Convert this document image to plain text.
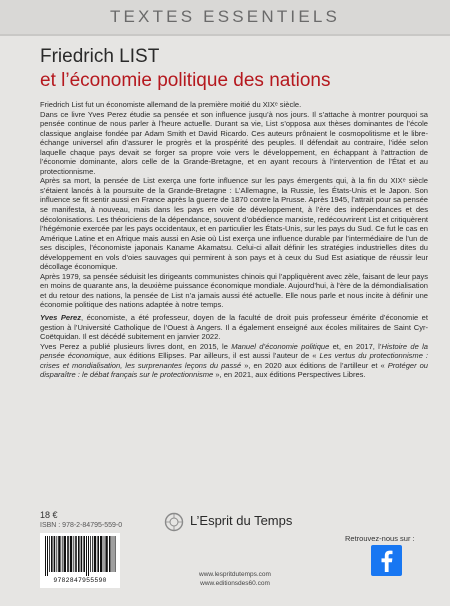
TEXTES ESSENTIELS
Friedrich LIST
et l’économie politique des nations

Friedrich List fut un économiste allemand de la première moitié du XIXᵉ siècle.

Dans ce livre Yves Perez étudie sa pensée et son influence jusqu’à nos jours. Il s’attache à montrer pourquoi sa pensée continue de nous parler à l’heure actuelle. Durant sa vie, List s’opposa aux thèses dominantes de l’école classique anglaise fondée par Adam Smith et David Ricardo. Ces auteurs prônaient le cosmopolitisme et le libre-échange universel afin d’assurer le progrès et la prospérité des peuples. Il défendait au contraire, l’idée selon laquelle chaque pays devait se forger sa propre voie vers le développement, en échappant à l’attraction de l’économie dominante, alors celle de la Grande-Bretagne, et en ayant recours à l’intervention de l’État et au protectionnisme.

Après sa mort, la pensée de List exerça une forte influence sur les pays émergents qui, à la fin du XIXᵉ siècle s’étaient lancés à la poursuite de la Grande-Bretagne : L’Allemagne, la Russie, les États-Unis et le Japon. Son influence se fit sentir aussi en France après la guerre de 1870 contre la Prusse. Après 1945, l’attrait pour sa pensée se manifesta, à nouveau, mais dans les pays en voie de développement, à l’ère des indépendances et des décolonisations. Les théoriciens de la dépendance, souvent d’obédience marxiste, redécouvrirent List et critiquèrent l’hégémonie exercée par les pays occidentaux, et en particulier les États-Unis, sur les pays du Sud. Ce fut le cas en Amérique Latine et en Afrique mais aussi en Asie où List exerça une influence durable par l’intermédiaire de l’un de ses disciples, l’économiste japonais Kaname Akamatsu. Celui-ci allait définir les stratégies industrielles dites du développement en vols d’oies sauvages qui permirent à son pays et à ceux du Sud Est asiatique de réussir leur décollage économique.

Après 1979, sa pensée séduisit les dirigeants communistes chinois qui l’appliquèrent avec zèle, faisant de leur pays en moins de quarante ans, la deuxième puissance économique mondiale. Aujourd’hui, à l’ère de la démondialisation et du retour des nations, la pensée de List n’a jamais aussi été actuelle. Elle nous parle et nous incite à définir une économie politique des nations adaptée à notre temps.

Yves Perez, économiste, a été professeur, doyen de la faculté de droit puis professeur émérite d’économie et gestion à l’Université Catholique de l’Ouest à Angers. Il a également enseigné aux écoles militaires de Saint Cyr-Coëtquidan. Il est décédé subitement en janvier 2022.

Yves Perez a publié plusieurs livres dont, en 2015, le Manuel d’économie politique et, en 2017, l’Histoire de la pensée économique, aux éditions Ellipses. Par ailleurs, il est aussi l’auteur de « Les vertus du protectionnisme : crises et mondialisation, les surprenantes leçons du passé », en 2020 aux éditions de l’artilleur et « Protéger ou disparaître : le débat français sur le protectionnisme », en 2021, aux éditions Perspectives Libres.

18 €
ISBN : 978-2-84795-559-0
9782847955590
L’Esprit du Temps
www.lespritdutemps.com
www.editionsdes60.com
Retrouvez-nous sur :
